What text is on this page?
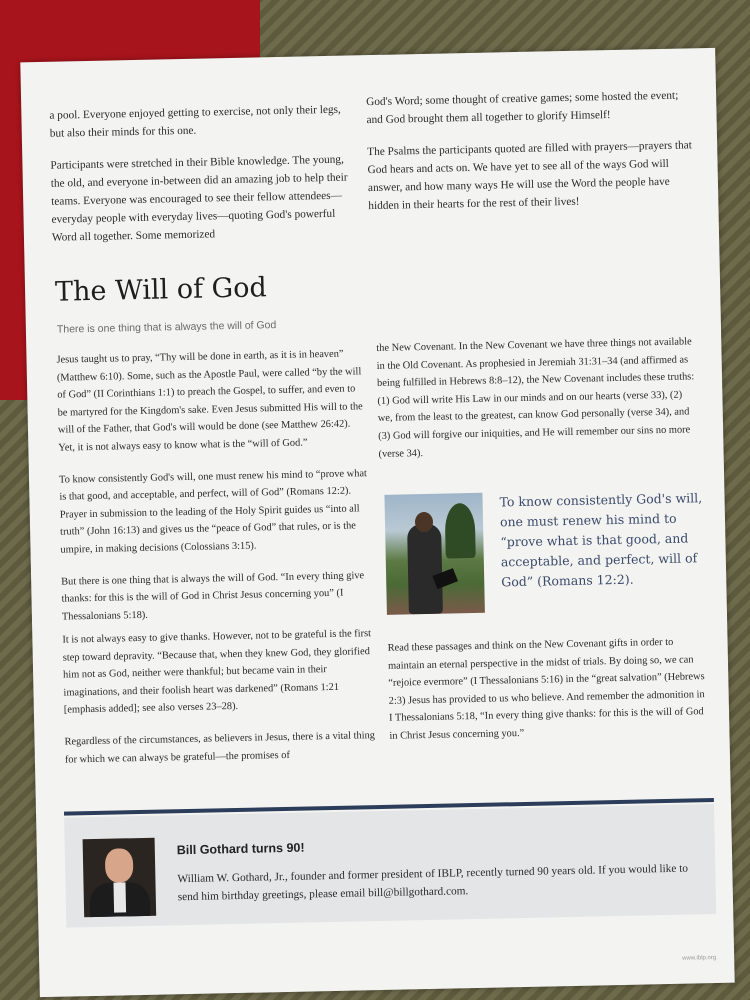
a pool. Everyone enjoyed getting to exercise, not only their legs, but also their minds for this one.

Participants were stretched in their Bible knowledge. The young, the old, and everyone in-between did an amazing job to help their teams. Everyone was encouraged to see their fellow attendees—everyday people with everyday lives—quoting God's powerful Word all together. Some memorized

God's Word; some thought of creative games; some hosted the event; and God brought them all together to glorify Himself!

The Psalms the participants quoted are filled with prayers—prayers that God hears and acts on. We have yet to see all of the ways God will answer, and how many ways He will use the Word the people have hidden in their hearts for the rest of their lives!

The Will of God
There is one thing that is always the will of God

Jesus taught us to pray, “Thy will be done in earth, as it is in heaven” (Matthew 6:10). Some, such as the Apostle Paul, were called “by the will of God” (II Corinthians 1:1) to preach the Gospel, to suffer, and even to be martyred for the Kingdom's sake. Even Jesus submitted His will to the will of the Father, that God's will would be done (see Matthew 26:42). Yet, it is not always easy to know what is the “will of God.”

To know consistently God's will, one must renew his mind to “prove what is that good, and acceptable, and perfect, will of God” (Romans 12:2). Prayer in submission to the leading of the Holy Spirit guides us “into all truth” (John 16:13) and gives us the “peace of God” that rules, or is the umpire, in making decisions (Colossians 3:15).

But there is one thing that is always the will of God. “In every thing give thanks: for this is the will of God in Christ Jesus concerning you” (I Thessalonians 5:18).

the New Covenant. In the New Covenant we have three things not available in the Old Covenant. As prophesied in Jeremiah 31:31–34 (and affirmed as being fulfilled in Hebrews 8:8–12), the New Covenant includes these truths: (1) God will write His Law in our minds and on our hearts (verse 33), (2) we, from the least to the greatest, can know God personally (verse 34), and (3) God will forgive our iniquities, and He will remember our sins no more (verse 34).

To know consistently God's will, one must renew his mind to “prove what is that good, and acceptable, and perfect, will of God” (Romans 12:2).

It is not always easy to give thanks. However, not to be grateful is the first step toward depravity. “Because that, when they knew God, they glorified him not as God, neither were thankful; but became vain in their imaginations, and their foolish heart was darkened” (Romans 1:21 [emphasis added]; see also verses 23–28).

Regardless of the circumstances, as believers in Jesus, there is a vital thing for which we can always be grateful—the promises of

Read these passages and think on the New Covenant gifts in order to maintain an eternal perspective in the midst of trials. By doing so, we can “rejoice evermore” (I Thessalonians 5:16) in the “great salvation” (Hebrews 2:3) Jesus has provided to us who believe. And remember the admonition in I Thessalonians 5:18, “In every thing give thanks: for this is the will of God in Christ Jesus concerning you.”

Bill Gothard turns 90!
William W. Gothard, Jr., founder and former president of IBLP, recently turned 90 years old. If you would like to send him birthday greetings, please email bill@billgothard.com.
www.iblp.org
